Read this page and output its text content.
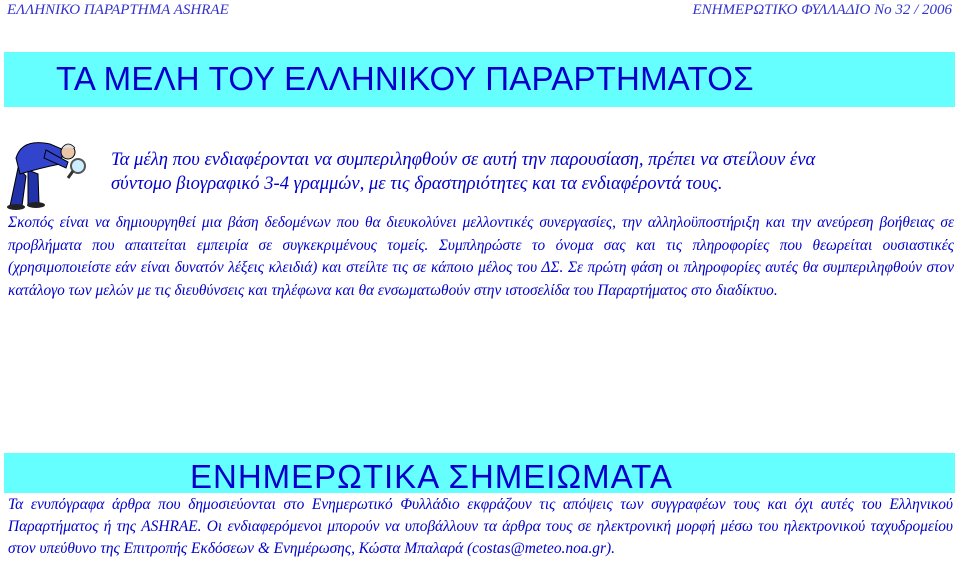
ΕΛΛΗΝΙΚΟ ΠΑΡΑΡΤΗΜΑ ASHRAE	ΕΝΗΜΕΡΩΤΙΚΟ ΦΥΛΛΑΔΙΟ Νο 32 / 2006
ΤΑ ΜΕΛΗ ΤΟΥ ΕΛΛΗΝΙΚΟΥ ΠΑΡΑΡΤΗΜΑΤΟΣ
Τα μέλη που ενδιαφέρονται να συμπεριληφθούν σε αυτή την παρουσίαση, πρέπει να στείλουν ένα
σύντομο βιογραφικό 3-4 γραμμών, με τις δραστηριότητες και τα ενδιαφέροντά τους.
Σκοπός είναι να δημιουργηθεί μια βάση δεδομένων που θα διευκολύνει μελλοντικές συνεργασίες, την αλληλοϋποστήριξη και την ανεύρεση βοήθειας σε προβλήματα που απαιτείται εμπειρία σε συγκεκριμένους τομείς. Συμπληρώστε το όνομα σας και τις πληροφορίες που θεωρείται ουσιαστικές (χρησιμοποιείστε εάν είναι δυνατόν λέξεις κλειδιά) και στείλτε τις σε κάποιο μέλος του ΔΣ. Σε πρώτη φάση οι πληροφορίες αυτές θα συμπεριληφθούν στον κατάλογο των μελών με τις διευθύνσεις και τηλέφωνα και θα ενσωματωθούν στην ιστοσελίδα του Παραρτήματος στο διαδίκτυο.
ΕΝΗΜΕΡΩΤΙΚΑ ΣΗΜΕΙΩΜΑΤΑ
Τα ενυπόγραφα άρθρα που δημοσιεύονται στο Ενημερωτικό Φυλλάδιο εκφράζουν τις απόψεις των συγγραφέων τους και όχι αυτές του Ελληνικού Παραρτήματος ή της ASHRAE. Οι ενδιαφερόμενοι μπορούν να υποβάλλουν τα άρθρα τους σε ηλεκτρονική μορφή μέσω του ηλεκτρονικού ταχυδρομείου στον υπεύθυνο της Επιτροπής Εκδόσεων & Ενημέρωσης, Κώστα Μπαλαρά (costas@meteo.noa.gr).
